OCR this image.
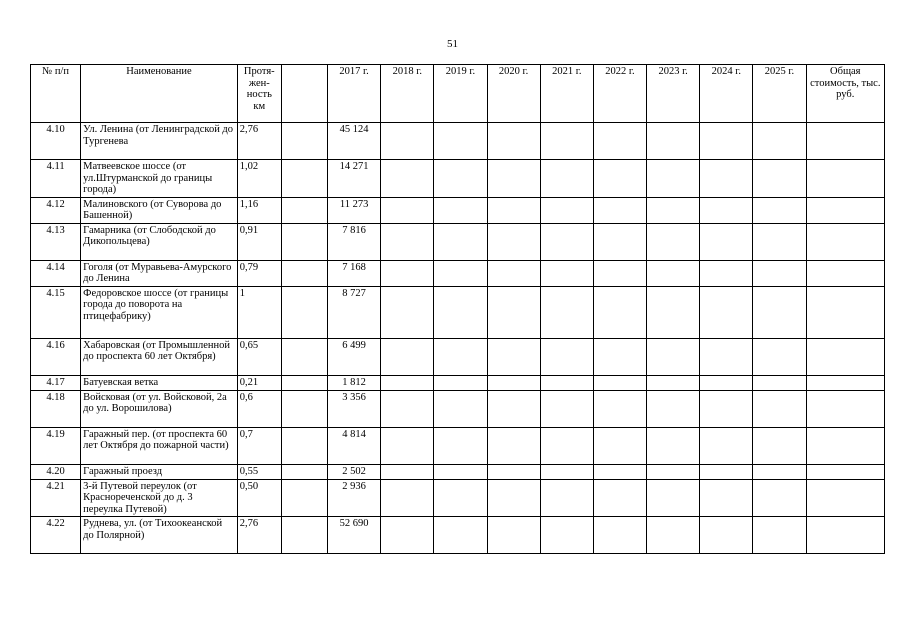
51
№ п/п	Наименование	Протя-
жен-
ность
км		2017 г.	2018 г.	2019 г.	2020 г.	2021 г.	2022 г.	2023 г.	2024 г.	2025 г.	Общая стоимость, тыс. руб.
4.10	Ул. Ленина (от Ленинградской до Тургенева	2,76		45 124									
4.11	Матвеевское шоссе (от ул.Штурманской до границы города)	1,02		14 271									
4.12	Малиновского (от Суворова до Башенной)	1,16		11 273									
4.13	Гамарника (от Слободской до Дикопольцева)	0,91		7 816									
4.14	Гоголя (от Муравьева-Амурского до Ленина	0,79		7 168									
4.15	Федоровское шоссе (от границы города до поворота на птицефабрику)	1		8 727									
4.16	Хабаровская (от Промышленной до проспекта 60 лет Октября)	0,65		6 499									
4.17	Батуевская ветка	0,21		1 812									
4.18	Войсковая (от ул. Войсковой, 2а до ул. Ворошилова)	0,6		3 356									
4.19	Гаражный пер. (от проспекта 60 лет Октября до пожарной части)	0,7		4 814									
4.20	Гаражный проезд	0,55		2 502									
4.21	3-й Путевой переулок (от Краснореченской до д. 3 переулка Путевой)	0,50		2 936									
4.22	Руднева, ул. (от Тихоокеанской до Полярной)	2,76		52 690									
